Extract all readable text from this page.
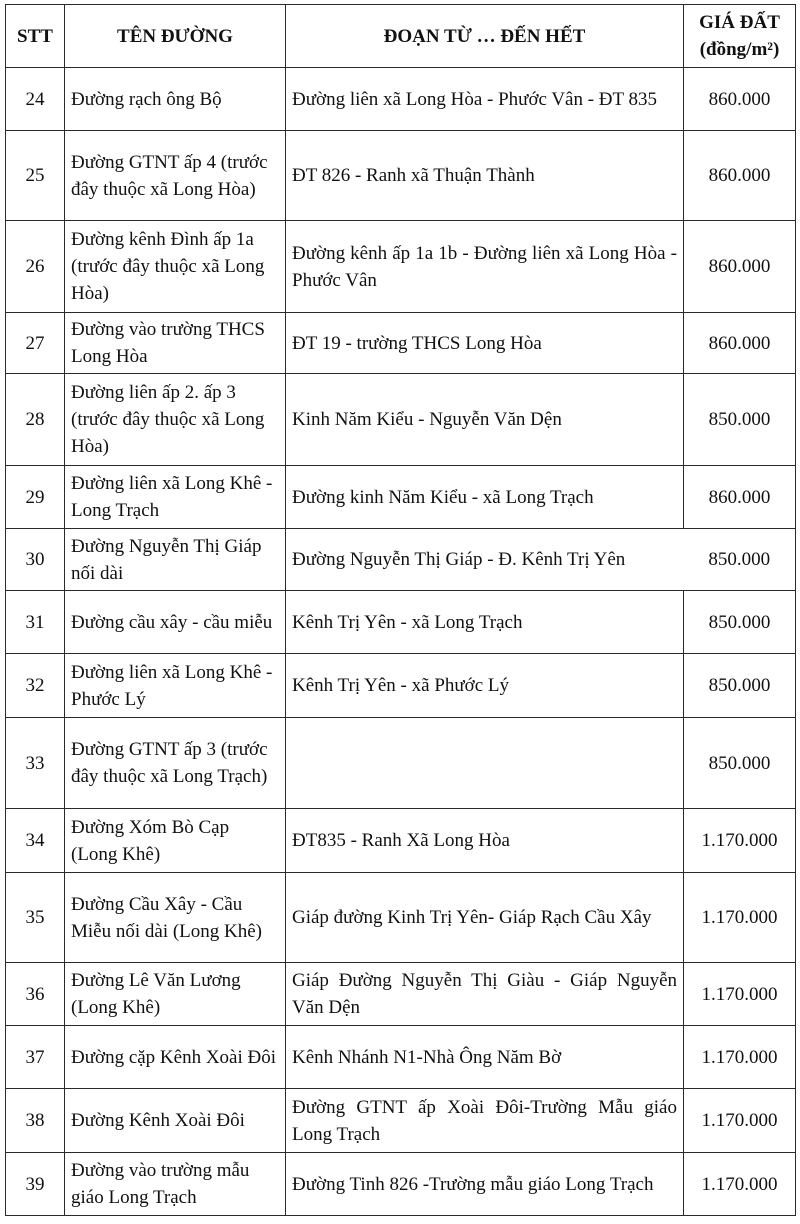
STT	TÊN ĐƯỜNG	ĐOẠN TỪ … ĐẾN HẾT	GIÁ ĐẤT
(đồng/m²)

24	Đường rạch ông Bộ	Đường liên xã Long Hòa - Phước Vân - ĐT 835	860.000
25	Đường GTNT ấp 4 (trước đây thuộc xã Long Hòa)	ĐT 826 - Ranh xã Thuận Thành	860.000
26	Đường kênh Đình ấp 1a (trước đây thuộc xã Long Hòa)	Đường kênh ấp 1a 1b - Đường liên xã Long Hòa - Phước Vân	860.000
27	Đường vào trường THCS Long Hòa	ĐT 19 - trường THCS Long Hòa	860.000
28	Đường liên ấp 2. ấp 3 (trước đây thuộc xã Long Hòa)	Kinh Năm Kiểu - Nguyễn Văn Dện	850.000
29	Đường liên xã Long Khê - Long Trạch	Đường kinh Năm Kiểu - xã Long Trạch	860.000
30	Đường Nguyễn Thị Giáp nối dài	Đường Nguyễn Thị Giáp - Đ. Kênh Trị Yên	850.000
31	Đường cầu xây - cầu miễu	Kênh Trị Yên - xã Long Trạch	850.000
32	Đường liên xã Long Khê - Phước Lý	Kênh Trị Yên - xã Phước Lý	850.000
33	Đường GTNT ấp 3 (trước đây thuộc xã Long Trạch)		850.000
34	Đường Xóm Bò Cạp (Long Khê)	ĐT835 - Ranh Xã Long Hòa	1.170.000
35	Đường Cầu Xây - Cầu Miễu nối dài (Long Khê)	Giáp đường Kinh Trị Yên- Giáp Rạch Cầu Xây	1.170.000
36	Đường Lê Văn Lương (Long Khê)	Giáp Đường Nguyễn Thị Giàu - Giáp Nguyễn Văn Dện	1.170.000
37	Đường cặp Kênh Xoài Đôi	Kênh Nhánh N1-Nhà Ông Năm Bờ	1.170.000
38	Đường Kênh Xoài Đôi	Đường GTNT ấp Xoài Đôi-Trường Mẫu giáo Long Trạch	1.170.000
39	Đường vào trường mẫu giáo Long Trạch	Đường Tinh 826 -Trường mẫu giáo Long Trạch	1.170.000
